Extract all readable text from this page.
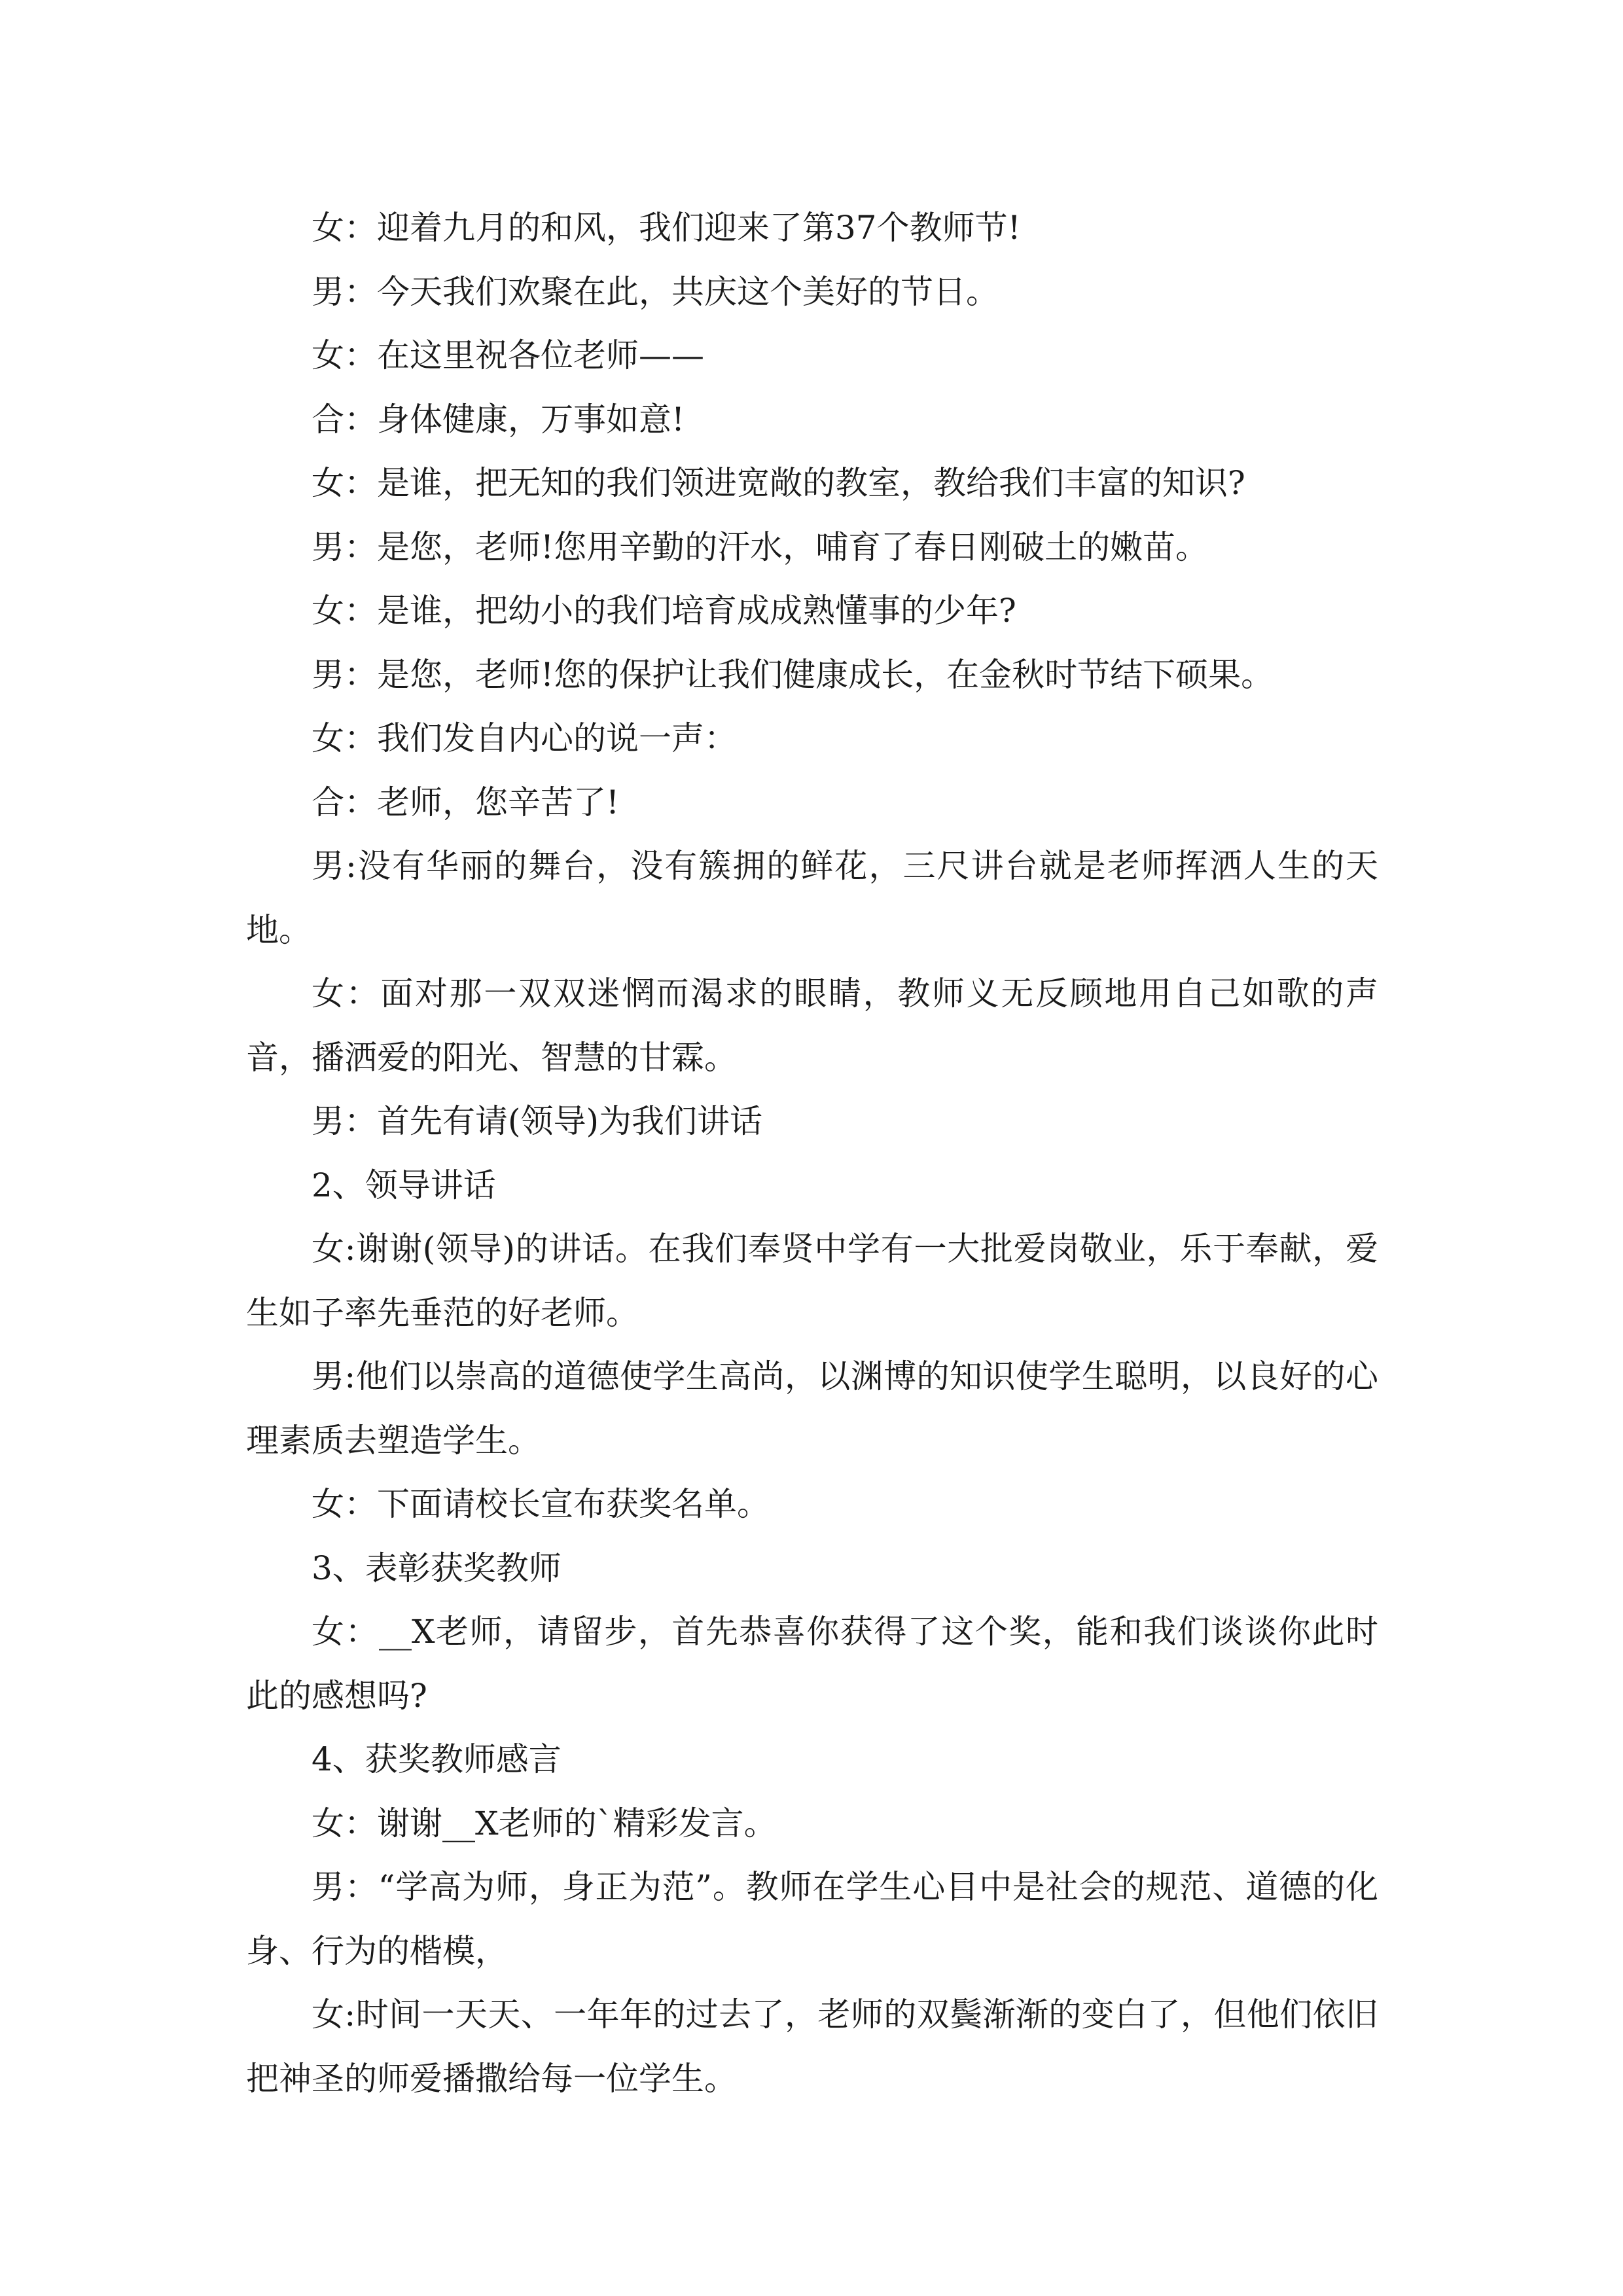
女：迎着九月的和风，我们迎来了第37个教师节!

男：今天我们欢聚在此，共庆这个美好的节日。

女：在这里祝各位老师——

合：身体健康，万事如意!

女：是谁，把无知的我们领进宽敞的教室，教给我们丰富的知识?

男：是您，老师!您用辛勤的汗水，哺育了春日刚破土的嫩苗。

女：是谁，把幼小的我们培育成成熟懂事的少年?

男：是您，老师!您的保护让我们健康成长，在金秋时节结下硕果。

女：我们发自内心的说一声：

合：老师，您辛苦了!

男:没有华丽的舞台，没有簇拥的鲜花，三尺讲台就是老师挥洒人生的天地。

女：面对那一双双迷惘而渴求的眼睛，教师义无反顾地用自己如歌的声音，播洒爱的阳光、智慧的甘霖。

男：首先有请(领导)为我们讲话

2、领导讲话

女:谢谢(领导)的讲话。在我们奉贤中学有一大批爱岗敬业，乐于奉献，爱生如子率先垂范的好老师。

男:他们以崇高的道德使学生高尚，以渊博的知识使学生聪明，以良好的心理素质去塑造学生。

女：下面请校长宣布获奖名单。

3、表彰获奖教师

女：__X老师，请留步，首先恭喜你获得了这个奖，能和我们谈谈你此时此的感想吗?

4、获奖教师感言

女：谢谢__X老师的`精彩发言。

男：“学高为师，身正为范”。教师在学生心目中是社会的规范、道德的化身、行为的楷模，

女:时间一天天、一年年的过去了，老师的双鬓渐渐的变白了，但他们依旧把神圣的师爱播撒给每一位学生。
